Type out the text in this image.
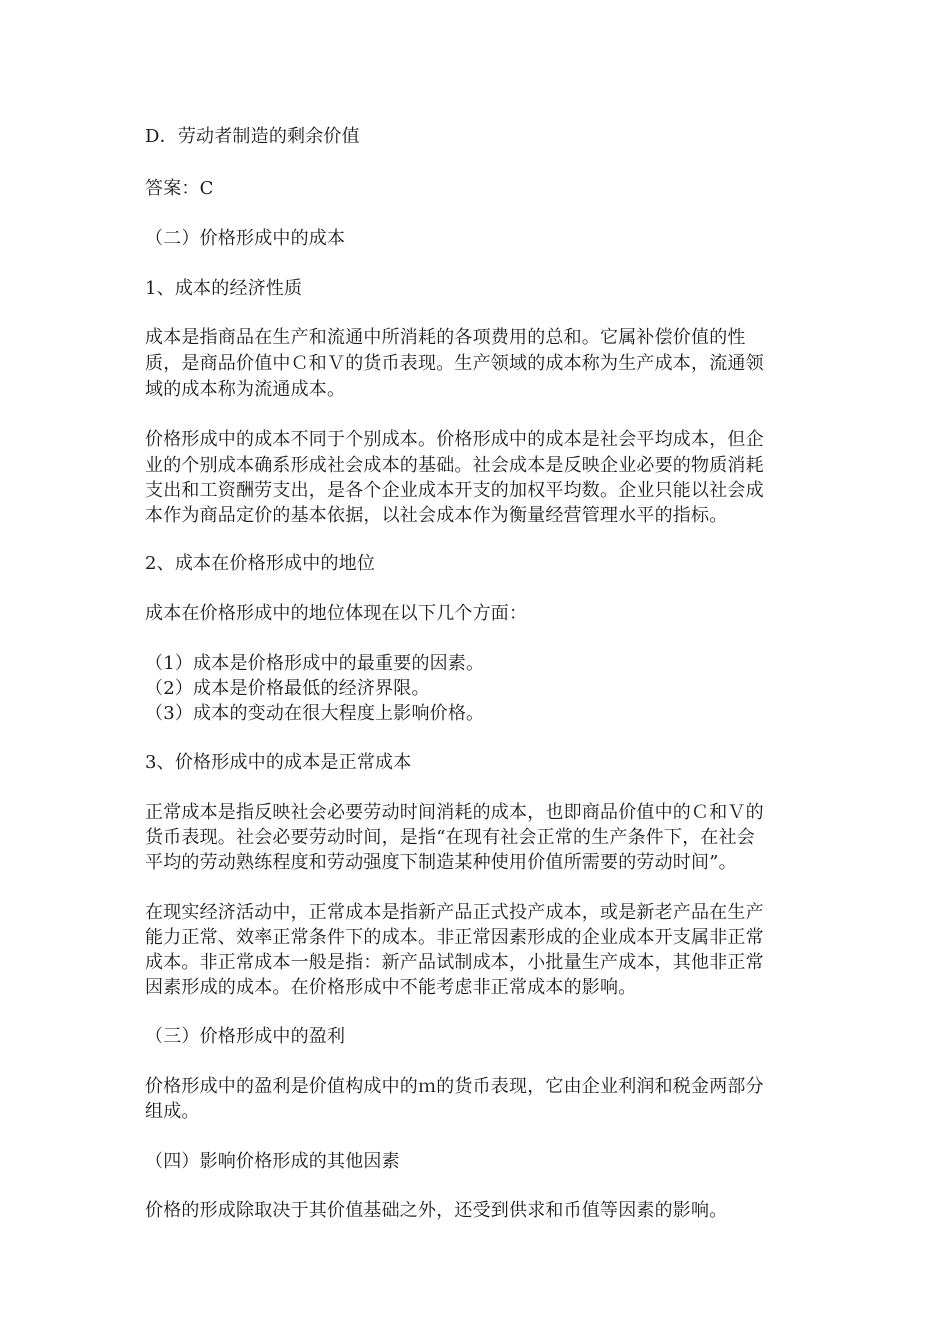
D．劳动者制造的剩余价值
答案：C
（二）价格形成中的成本
1、成本的经济性质
成本是指商品在生产和流通中所消耗的各项费用的总和。它属补偿价值的性
质，是商品价值中Ｃ和Ｖ的货币表现。生产领域的成本称为生产成本，流通领
域的成本称为流通成本。
价格形成中的成本不同于个别成本。价格形成中的成本是社会平均成本，但企
业的个别成本确系形成社会成本的基础。社会成本是反映企业必要的物质消耗
支出和工资酬劳支出，是各个企业成本开支的加权平均数。企业只能以社会成
本作为商品定价的基本依据，以社会成本作为衡量经营管理水平的指标。
2、成本在价格形成中的地位
成本在价格形成中的地位体现在以下几个方面：
（1）成本是价格形成中的最重要的因素。
（2）成本是价格最低的经济界限。
（3）成本的变动在很大程度上影响价格。
3、价格形成中的成本是正常成本
正常成本是指反映社会必要劳动时间消耗的成本，也即商品价值中的Ｃ和Ｖ的
货币表现。社会必要劳动时间，是指“在现有社会正常的生产条件下，在社会
平均的劳动熟练程度和劳动强度下制造某种使用价值所需要的劳动时间”。
在现实经济活动中，正常成本是指新产品正式投产成本，或是新老产品在生产
能力正常、效率正常条件下的成本。非正常因素形成的企业成本开支属非正常
成本。非正常成本一般是指：新产品试制成本，小批量生产成本，其他非正常
因素形成的成本。在价格形成中不能考虑非正常成本的影响。
（三）价格形成中的盈利
价格形成中的盈利是价值构成中的ｍ的货币表现，它由企业利润和税金两部分
组成。
（四）影响价格形成的其他因素
价格的形成除取决于其价值基础之外，还受到供求和币值等因素的影响。
